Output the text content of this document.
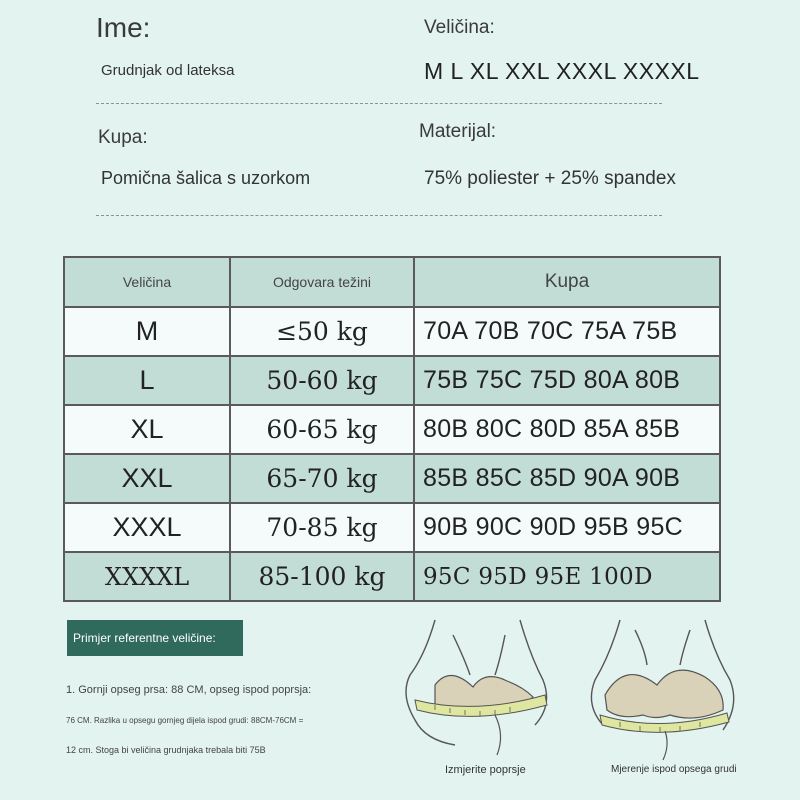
Ime:
Grudnjak od lateksa
Veličina:
M L XL XXL XXXL XXXXL
Kupa:
Pomična šalica s uzorkom
Materijal:
75% poliester + 25% spandex
Veličina	Odgovara težini	Kupa
M	≤50 kg	70A 70B 70C 75A 75B
L	50-60 kg	75B 75C 75D 80A 80B
XL	60-65 kg	80B 80C 80D 85A 85B
XXL	65-70 kg	85B 85C 85D 90A 90B
XXXL	70-85 kg	90B 90C 90D 95B 95C
XXXXL	85-100 kg	95C 95D 95E 100D
Primjer referentne veličine:
1. Gornji opseg prsa: 88 CM, opseg ispod poprsja:
76 CM. Razlika u opsegu gornjeg dijela ispod grudi: 88CM-76CM =
12 cm. Stoga bi veličina grudnjaka trebala biti 75B
Izmjerite poprsje	Mjerenje ispod opsega grudi
